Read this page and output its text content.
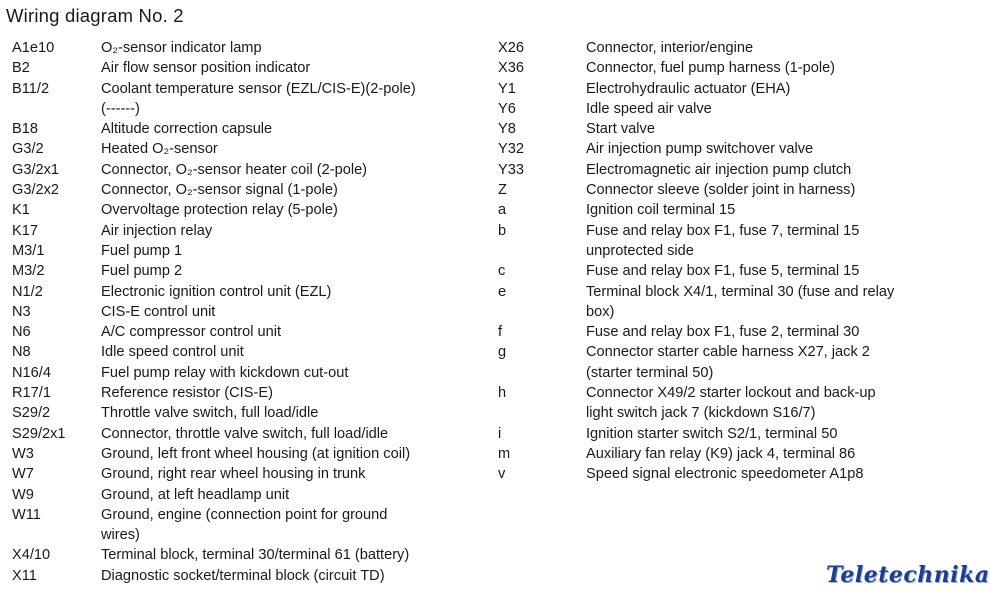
Wiring diagram No. 2
A1e10	O₂-sensor indicator lamp
B2	Air flow sensor position indicator
B11/2	Coolant temperature sensor (EZL/CIS-E)(2-pole)
(------)
B18	Altitude correction capsule
G3/2	Heated O₂-sensor
G3/2x1	Connector, O₂-sensor heater coil (2-pole)
G3/2x2	Connector, O₂-sensor signal (1-pole)
K1	Overvoltage protection relay (5-pole)
K17	Air injection relay
M3/1	Fuel pump 1
M3/2	Fuel pump 2
N1/2	Electronic ignition control unit (EZL)
N3	CIS-E control unit
N6	A/C compressor control unit
N8	Idle speed control unit
N16/4	Fuel pump relay with kickdown cut-out
R17/1	Reference resistor (CIS-E)
S29/2	Throttle valve switch, full load/idle
S29/2x1	Connector, throttle valve switch, full load/idle
W3	Ground, left front wheel housing (at ignition coil)
W7	Ground, right rear wheel housing in trunk
W9	Ground, at left headlamp unit
W11	Ground, engine (connection point for ground
wires)
X4/10	Terminal block, terminal 30/terminal 61 (battery)
X11	Diagnostic socket/terminal block (circuit TD)
X26	Connector, interior/engine
X36	Connector, fuel pump harness (1-pole)
Y1	Electrohydraulic actuator (EHA)
Y6	Idle speed air valve
Y8	Start valve
Y32	Air injection pump switchover valve
Y33	Electromagnetic air injection pump clutch
Z	Connector sleeve (solder joint in harness)
a	Ignition coil terminal 15
b	Fuse and relay box F1, fuse 7, terminal 15
unprotected side
c	Fuse and relay box F1, fuse 5, terminal 15
e	Terminal block X4/1, terminal 30 (fuse and relay
box)
f	Fuse and relay box F1, fuse 2, terminal 30
g	Connector starter cable harness X27, jack 2
(starter terminal 50)
h	Connector X49/2 starter lockout and back-up
light switch jack 7 (kickdown S16/7)
i	Ignition starter switch S2/1, terminal 50
m	Auxiliary fan relay (K9) jack 4, terminal 86
v	Speed signal electronic speedometer A1p8
Teletechnika
